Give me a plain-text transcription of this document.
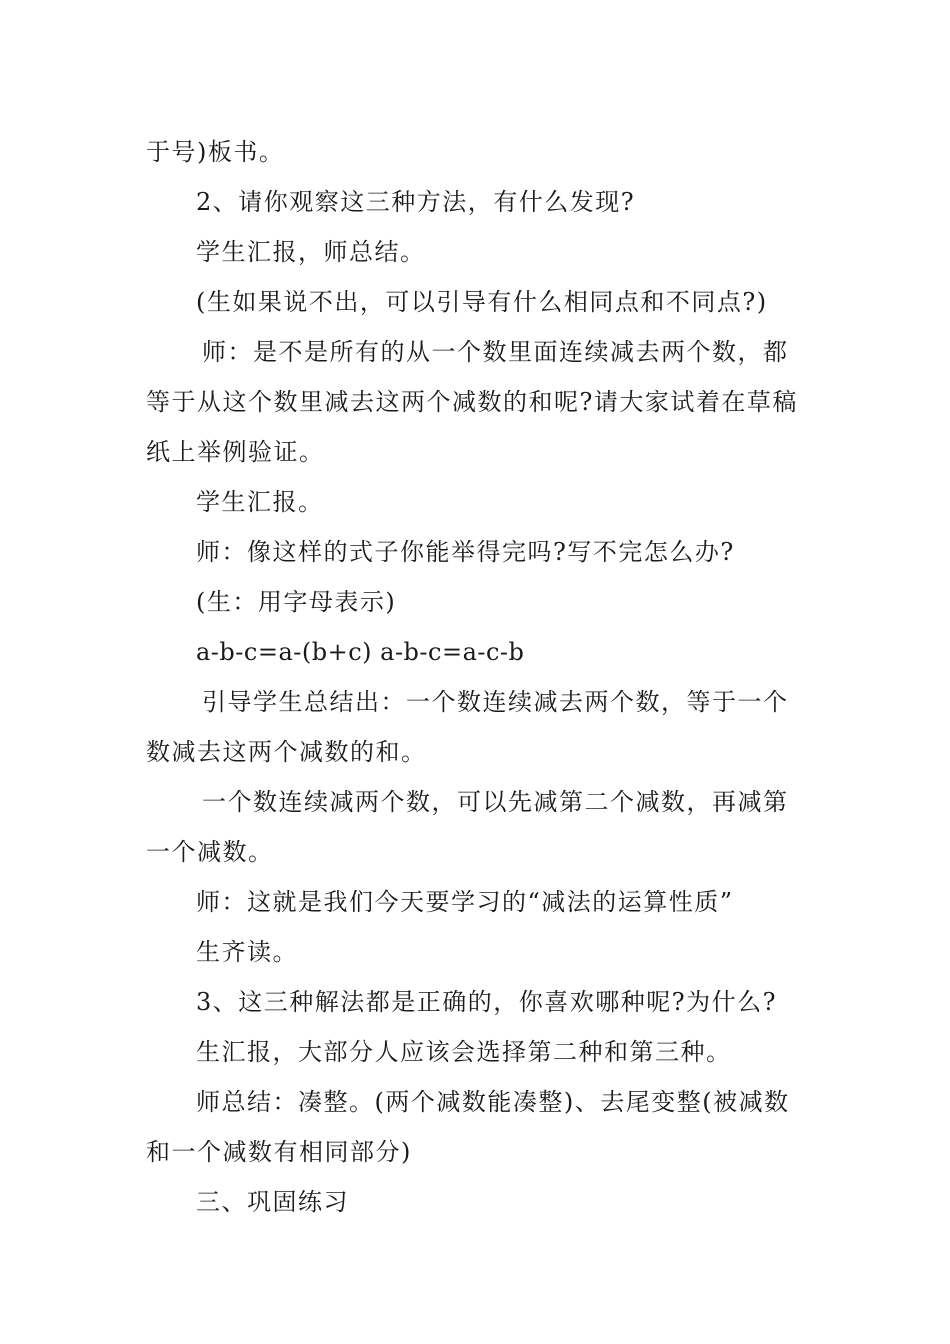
于号)板书。
2、请你观察这三种方法，有什么发现?
学生汇报，师总结。
(生如果说不出，可以引导有什么相同点和不同点?)
师：是不是所有的从一个数里面连续减去两个数，都
等于从这个数里减去这两个减数的和呢?请大家试着在草稿
纸上举例验证。
学生汇报。
师：像这样的式子你能举得完吗?写不完怎么办?
(生：用字母表示)
a-b-c=a-(b+c) a-b-c=a-c-b
引导学生总结出：一个数连续减去两个数，等于一个
数减去这两个减数的和。
一个数连续减两个数，可以先减第二个减数，再减第
一个减数。
师：这就是我们今天要学习的“减法的运算性质”
生齐读。
3、这三种解法都是正确的，你喜欢哪种呢?为什么?
生汇报，大部分人应该会选择第二种和第三种。
师总结：凑整。(两个减数能凑整)、去尾变整(被减数
和一个减数有相同部分)
三、巩固练习
